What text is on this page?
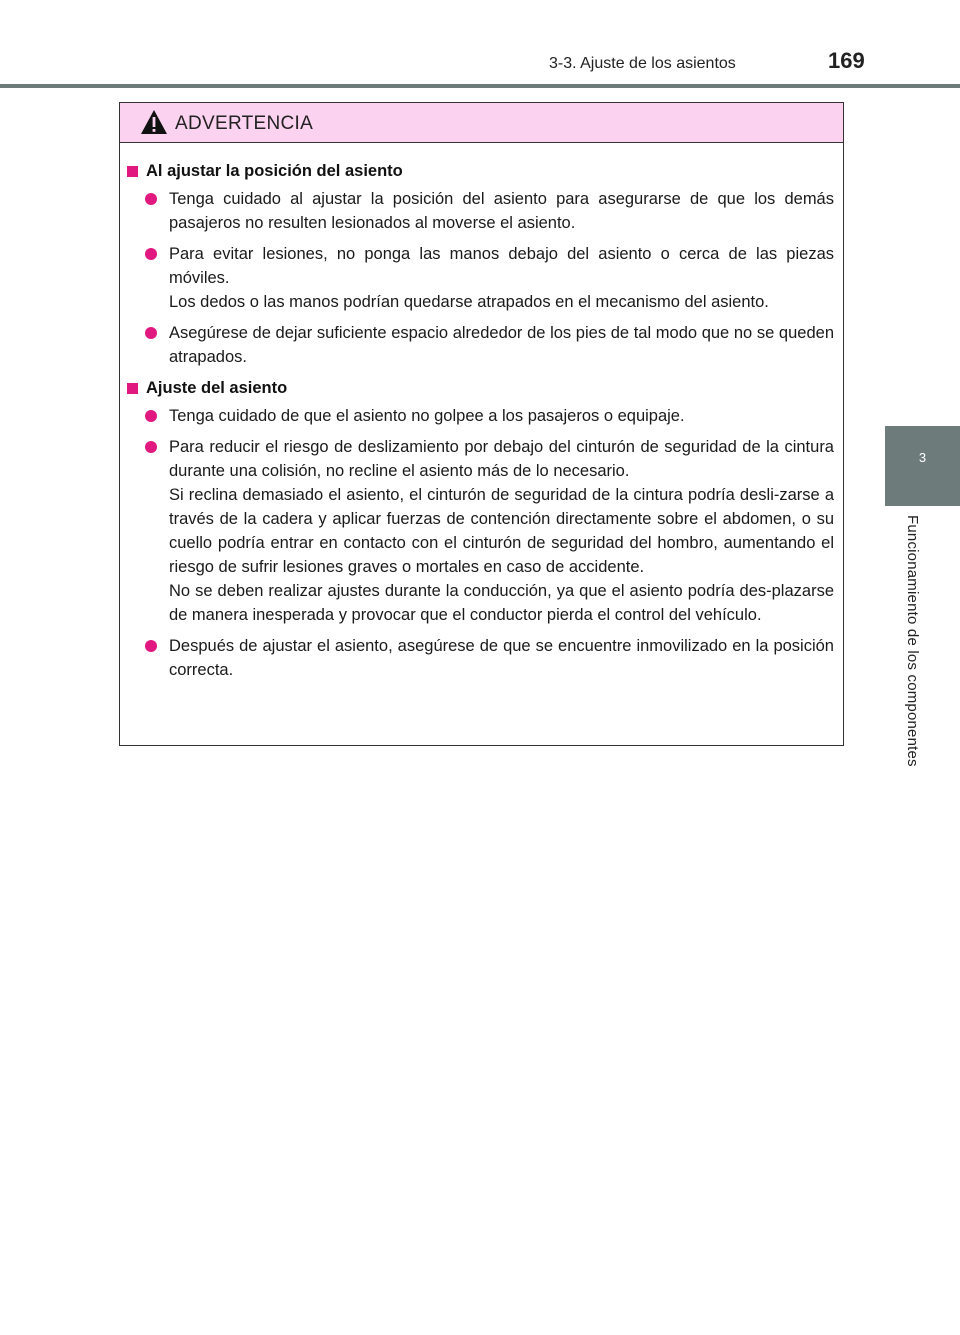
3-3. Ajuste de los asientos	169
3
Funcionamiento de los componentes
ADVERTENCIA
Al ajustar la posición del asiento

Tenga cuidado al ajustar la posición del asiento para asegurarse de que los demás pasajeros no resulten lesionados al moverse el asiento.

Para evitar lesiones, no ponga las manos debajo del asiento o cerca de las piezas móviles.

Los dedos o las manos podrían quedarse atrapados en el mecanismo del asiento.

Asegúrese de dejar suficiente espacio alrededor de los pies de tal modo que no se queden atrapados.

Ajuste del asiento

Tenga cuidado de que el asiento no golpee a los pasajeros o equipaje.

Para reducir el riesgo de deslizamiento por debajo del cinturón de seguridad de la cintura durante una colisión, no recline el asiento más de lo necesario.

Si reclina demasiado el asiento, el cinturón de seguridad de la cintura podría desli-zarse a través de la cadera y aplicar fuerzas de contención directamente sobre el abdomen, o su cuello podría entrar en contacto con el cinturón de seguridad del hombro, aumentando el riesgo de sufrir lesiones graves o mortales en caso de accidente.

No se deben realizar ajustes durante la conducción, ya que el asiento podría des-plazarse de manera inesperada y provocar que el conductor pierda el control del vehículo.

Después de ajustar el asiento, asegúrese de que se encuentre inmovilizado en la posición correcta.
